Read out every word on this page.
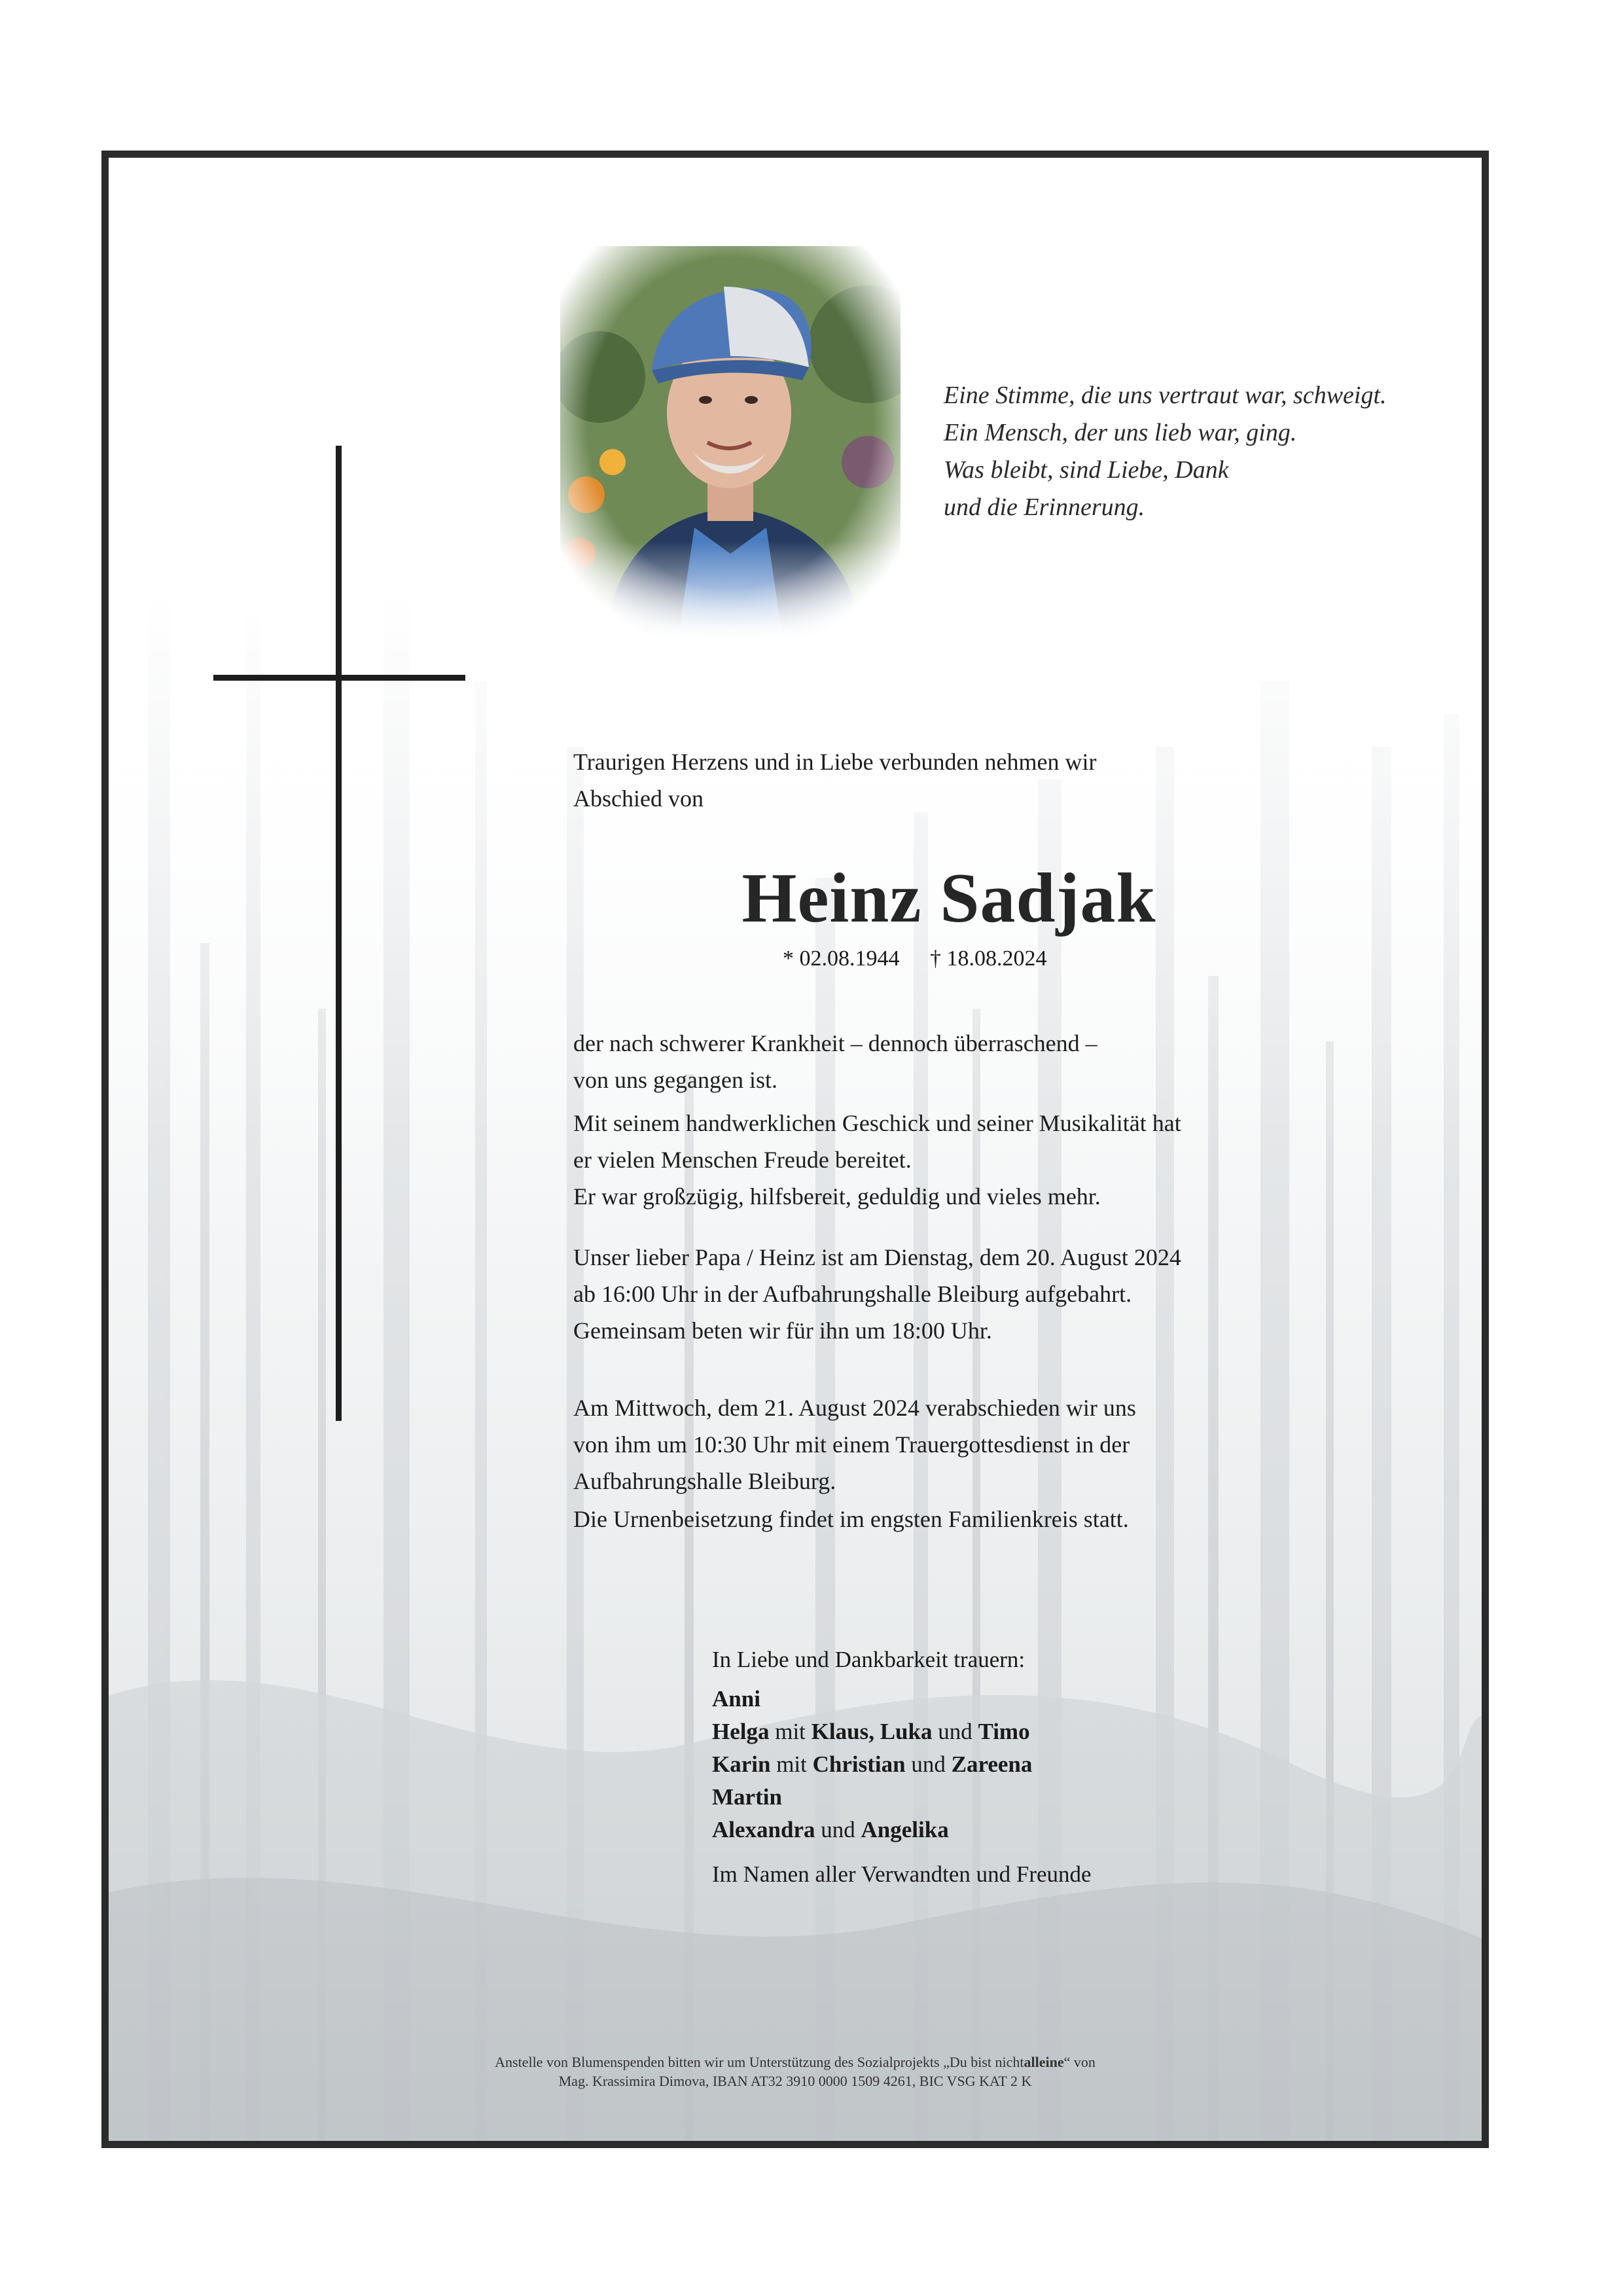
Eine Stimme, die uns vertraut war, schweigt.
Ein Mensch, der uns lieb war, ging.
Was bleibt, sind Liebe, Dank
und die Erinnerung.
Traurigen Herzens und in Liebe verbunden nehmen wir
Abschied von
Heinz Sadjak
* 02.08.1944 † 18.08.2024
der nach schwerer Krankheit – dennoch überraschend –
von uns gegangen ist.
Mit seinem handwerklichen Geschick und seiner Musikalität hat
er vielen Menschen Freude bereitet.
Er war großzügig, hilfsbereit, geduldig und vieles mehr.
Unser lieber Papa / Heinz ist am Dienstag, dem 20. August 2024
ab 16:00 Uhr in der Aufbahrungshalle Bleiburg aufgebahrt.
Gemeinsam beten wir für ihn um 18:00 Uhr.
Am Mittwoch, dem 21. August 2024 verabschieden wir uns
von ihm um 10:30 Uhr mit einem Trauergottesdienst in der
Aufbahrungshalle Bleiburg.
Die Urnenbeisetzung findet im engsten Familienkreis statt.
In Liebe und Dankbarkeit trauern:
Anni
Helga mit Klaus, Luka und Timo
Karin mit Christian und Zareena
Martin
Alexandra und Angelika
Im Namen aller Verwandten und Freunde
Anstelle von Blumenspenden bitten wir um Unterstützung des Sozialprojekts „Du bist nichtalleine“ von
Mag. Krassimira Dimova, IBAN AT32 3910 0000 1509 4261, BIC VSG KAT 2 K
